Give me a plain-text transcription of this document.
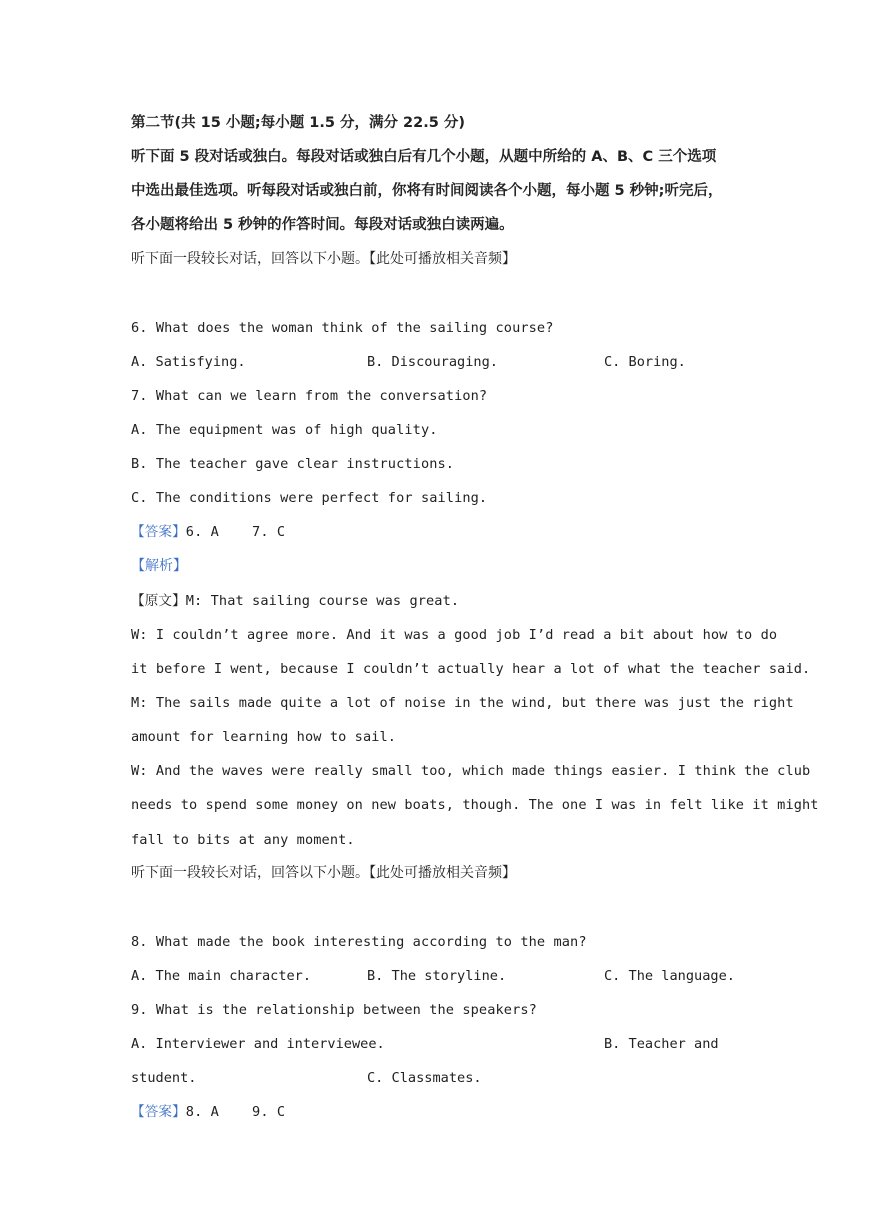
第二节(共 15 小题;每小题 1.5 分，满分 22.5 分)
听下面 5 段对话或独白。每段对话或独白后有几个小题，从题中所给的 A、B、C 三个选项
中选出最佳选项。听每段对话或独白前，你将有时间阅读各个小题，每小题 5 秒钟;听完后，
各小题将给出 5 秒钟的作答时间。每段对话或独白读两遍。
听下面一段较长对话，回答以下小题。【此处可播放相关音频】
6. What does the woman think of the sailing course?
A. Satisfying.	B. Discouraging.	C. Boring.
7. What can we learn from the conversation?
A. The equipment was of high quality.
B. The teacher gave clear instructions.
C. The conditions were perfect for sailing.
【答案】6. A    7. C
【解析】
【原文】M: That sailing course was great.
W: I couldn’t agree more. And it was a good job I’d read a bit about how to do
it before I went, because I couldn’t actually hear a lot of what the teacher said.
M: The sails made quite a lot of noise in the wind, but there was just the right
amount for learning how to sail.
W: And the waves were really small too, which made things easier. I think the club
needs to spend some money on new boats, though. The one I was in felt like it might
fall to bits at any moment.
听下面一段较长对话，回答以下小题。【此处可播放相关音频】
8. What made the book interesting according to the man?
A. The main character.	B. The storyline.	C. The language.
9. What is the relationship between the speakers?
A. Interviewer and interviewee.	B. Teacher and
student.	C. Classmates.
【答案】8. A    9. C
